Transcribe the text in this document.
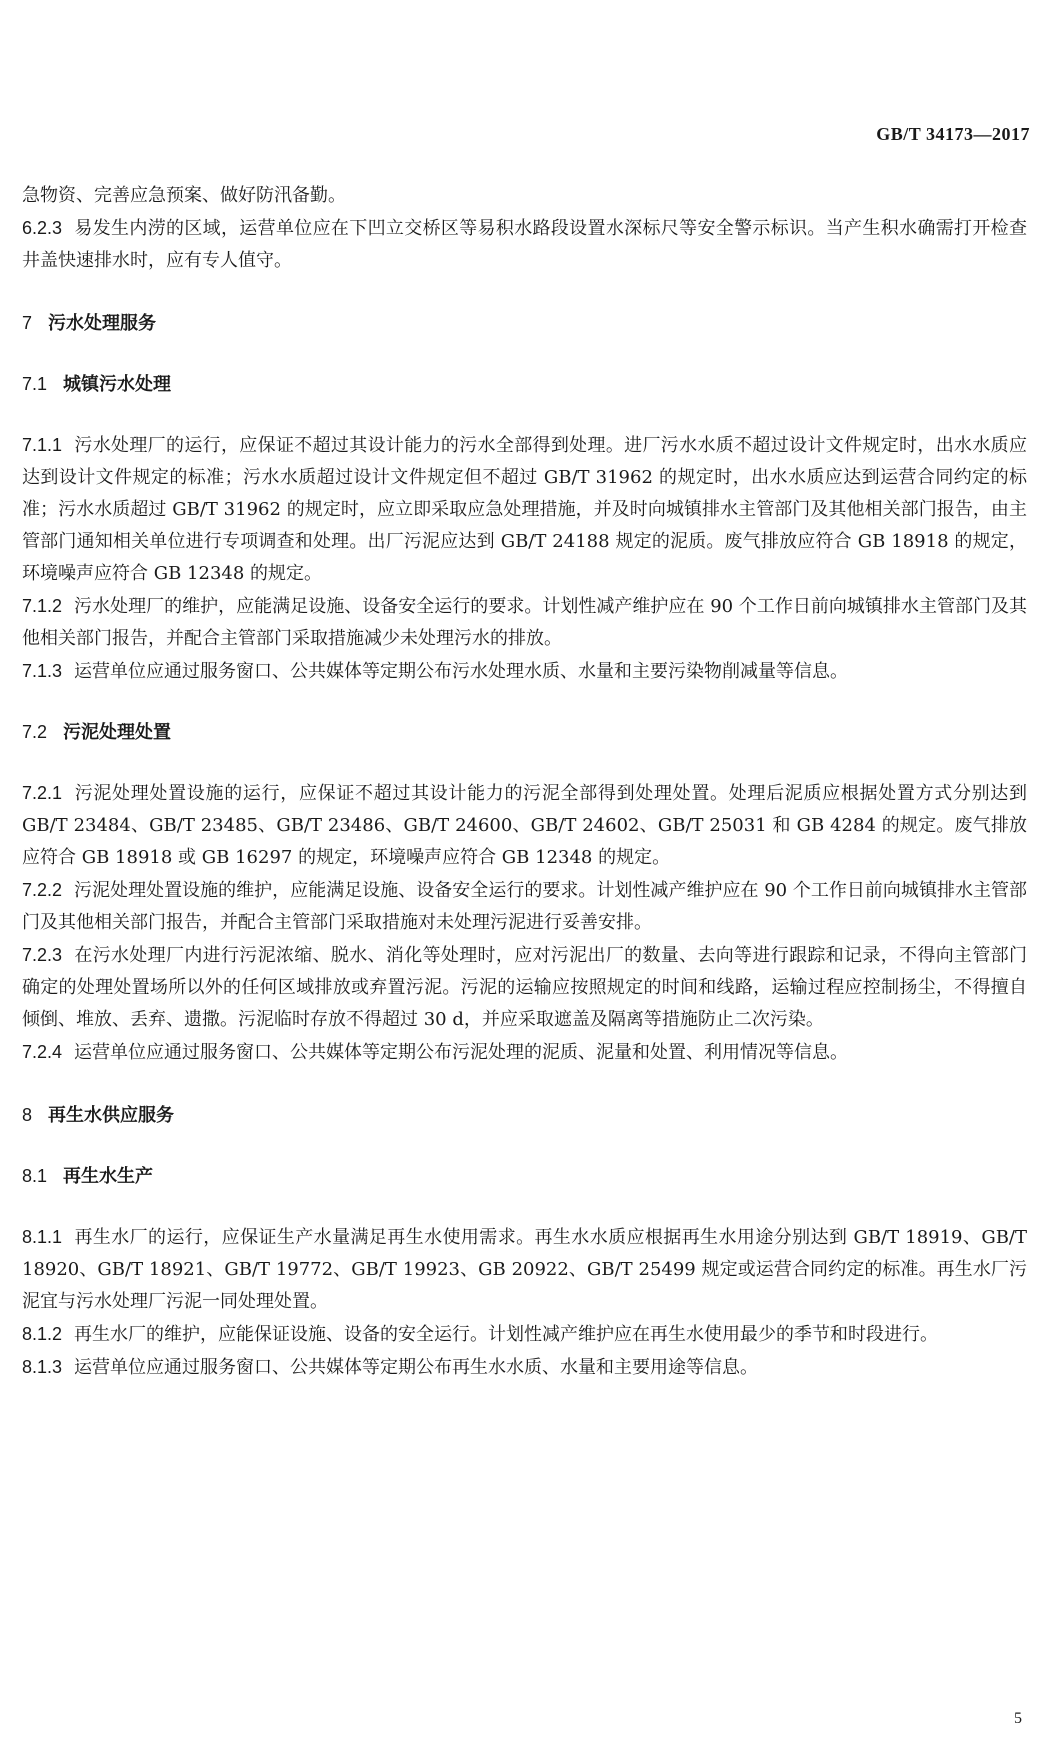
GB/T 34173—2017

急物资、完善应急预案、做好防汛备勤。

6.2.3 易发生内涝的区域，运营单位应在下凹立交桥区等易积水路段设置水深标尺等安全警示标识。当产生积水确需打开检查井盖快速排水时，应有专人值守。

7 污水处理服务
7.1 城镇污水处理

7.1.1 污水处理厂的运行，应保证不超过其设计能力的污水全部得到处理。进厂污水水质不超过设计文件规定时，出水水质应达到设计文件规定的标准；污水水质超过设计文件规定但不超过 GB/T 31962 的规定时，出水水质应达到运营合同约定的标准；污水水质超过 GB/T 31962 的规定时，应立即采取应急处理措施，并及时向城镇排水主管部门及其他相关部门报告，由主管部门通知相关单位进行专项调查和处理。出厂污泥应达到 GB/T 24188 规定的泥质。废气排放应符合 GB 18918 的规定，环境噪声应符合 GB 12348 的规定。

7.1.2 污水处理厂的维护，应能满足设施、设备安全运行的要求。计划性减产维护应在 90 个工作日前向城镇排水主管部门及其他相关部门报告，并配合主管部门采取措施减少未处理污水的排放。

7.1.3 运营单位应通过服务窗口、公共媒体等定期公布污水处理水质、水量和主要污染物削减量等信息。

7.2 污泥处理处置

7.2.1 污泥处理处置设施的运行，应保证不超过其设计能力的污泥全部得到处理处置。处理后泥质应根据处置方式分别达到 GB/T 23484、GB/T 23485、GB/T 23486、GB/T 24600、GB/T 24602、GB/T 25031 和 GB 4284 的规定。废气排放应符合 GB 18918 或 GB 16297 的规定，环境噪声应符合 GB 12348 的规定。

7.2.2 污泥处理处置设施的维护，应能满足设施、设备安全运行的要求。计划性减产维护应在 90 个工作日前向城镇排水主管部门及其他相关部门报告，并配合主管部门采取措施对未处理污泥进行妥善安排。

7.2.3 在污水处理厂内进行污泥浓缩、脱水、消化等处理时，应对污泥出厂的数量、去向等进行跟踪和记录，不得向主管部门确定的处理处置场所以外的任何区域排放或弃置污泥。污泥的运输应按照规定的时间和线路，运输过程应控制扬尘，不得擅自倾倒、堆放、丢弃、遗撒。污泥临时存放不得超过 30 d，并应采取遮盖及隔离等措施防止二次污染。

7.2.4 运营单位应通过服务窗口、公共媒体等定期公布污泥处理的泥质、泥量和处置、利用情况等信息。

8 再生水供应服务
8.1 再生水生产

8.1.1 再生水厂的运行，应保证生产水量满足再生水使用需求。再生水水质应根据再生水用途分别达到 GB/T 18919、GB/T 18920、GB/T 18921、GB/T 19772、GB/T 19923、GB 20922、GB/T 25499 规定或运营合同约定的标准。再生水厂污泥宜与污水处理厂污泥一同处理处置。

8.1.2 再生水厂的维护，应能保证设施、设备的安全运行。计划性减产维护应在再生水使用最少的季节和时段进行。

8.1.3 运营单位应通过服务窗口、公共媒体等定期公布再生水水质、水量和主要用途等信息。

5
